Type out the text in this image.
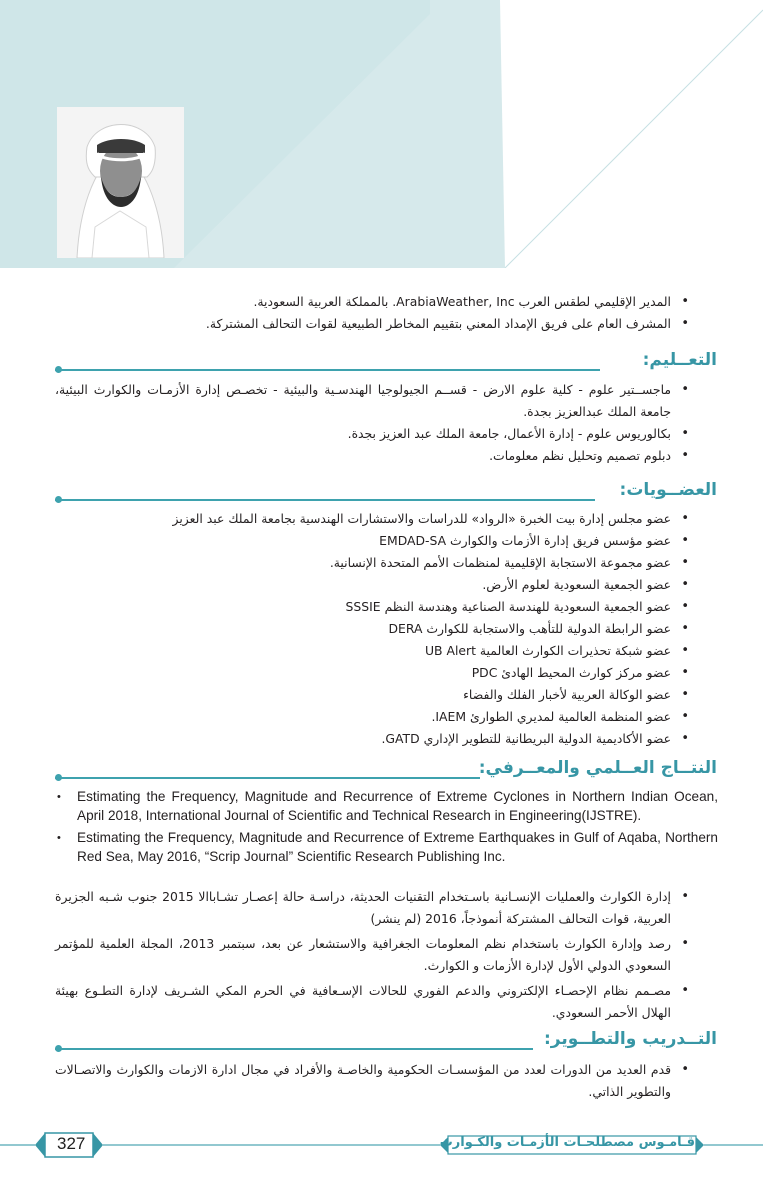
• المدير الإقليمي لطقس العرب ArabiaWeather, Inc. بالمملكة العربية السعودية.
• المشرف العام على فريق الإمداد المعني بتقييم المخاطر الطبيعية لقوات التحالف المشتركة.
التعــليم:
• ماجســتير علوم - كلية علوم الارض - قســم الجيولوجيا الهندسـية والبيئية - تخصـص إدارة الأزمـات والكوارث البيئية، جامعة الملك عبدالعزيز بجدة.
• بكالوريوس علوم - إدارة الأعمال، جامعة الملك عبد العزيز بجدة.
• دبلوم تصميم وتحليل نظم معلومات.
العضــويات:
• عضو مجلس إدارة بيت الخبرة «الرواد» للدراسات والاستشارات الهندسية بجامعة الملك عبد العزيز
• عضو مؤسس فريق إدارة الأزمات والكوارث EMDAD-SA
• عضو مجموعة الاستجابة الإقليمية لمنظمات الأمم المتحدة الإنسانية.
• عضو الجمعية السعودية لعلوم الأرض.
• عضو الجمعية السعودية للهندسة الصناعية وهندسة النظم SSSIE
• عضو الرابطة الدولية للتأهب والاستجابة للكوارث DERA
• عضو شبكة تحذيرات الكوارث العالمية UB Alert
• عضو مركز كوارث المحيط الهادئ PDC
• عضو الوكالة العربية لأخبار الفلك والفضاء
• عضو المنظمة العالمية لمديري الطوارئ IAEM.
• عضو الأكاديمية الدولية البريطانية للتطوير الإداري GATD.
النتــاج العــلمي والمعــرفي:
• Estimating the Frequency, Magnitude and Recurrence of Extreme Cyclones in Northern Indian Ocean, April 2018, International Journal of Scientific and Technical Research in Engineering(IJSTRE).
• Estimating the Frequency, Magnitude and Recurrence of Extreme Earthquakes in Gulf of Aqaba, Northern Red Sea, May 2016, “Scrip Journal” Scientific Research Publishing Inc.
• إدارة الكوارث والعمليات الإنسـانية باسـتخدام التقنيات الحديثة، دراسـة حالة إعصـار تشـاباالا 2015 جنوب شـبه الجزيرة العربية، قوات التحالف المشتركة أنموذجاً، 2016 (لم ينشر)
• رصد وإدارة الكوارث باستخدام نظم المعلومات الجغرافية والاستشعار عن بعد، سبتمبر 2013، المجلة العلمية للمؤتمر السعودي الدولي الأول لإدارة الأزمات و الكوارث.
• مصـمم نظام الإحصـاء الإلكتروني والدعم الفوري للحالات الإسـعافية في الحرم المكي الشـريف لإدارة التطـوع بهيئة الهلال الأحمر السعودي.
التــدريب والتطــوير:
• قدم العديد من الدورات لعدد من المؤسسـات الحكومية والخاصـة والأفراد في مجال ادارة الازمات والكوارث والاتصـالات والتطوير الذاتي.
327	قـامـوس مصطلحـات الأزمـات والكـوارث
